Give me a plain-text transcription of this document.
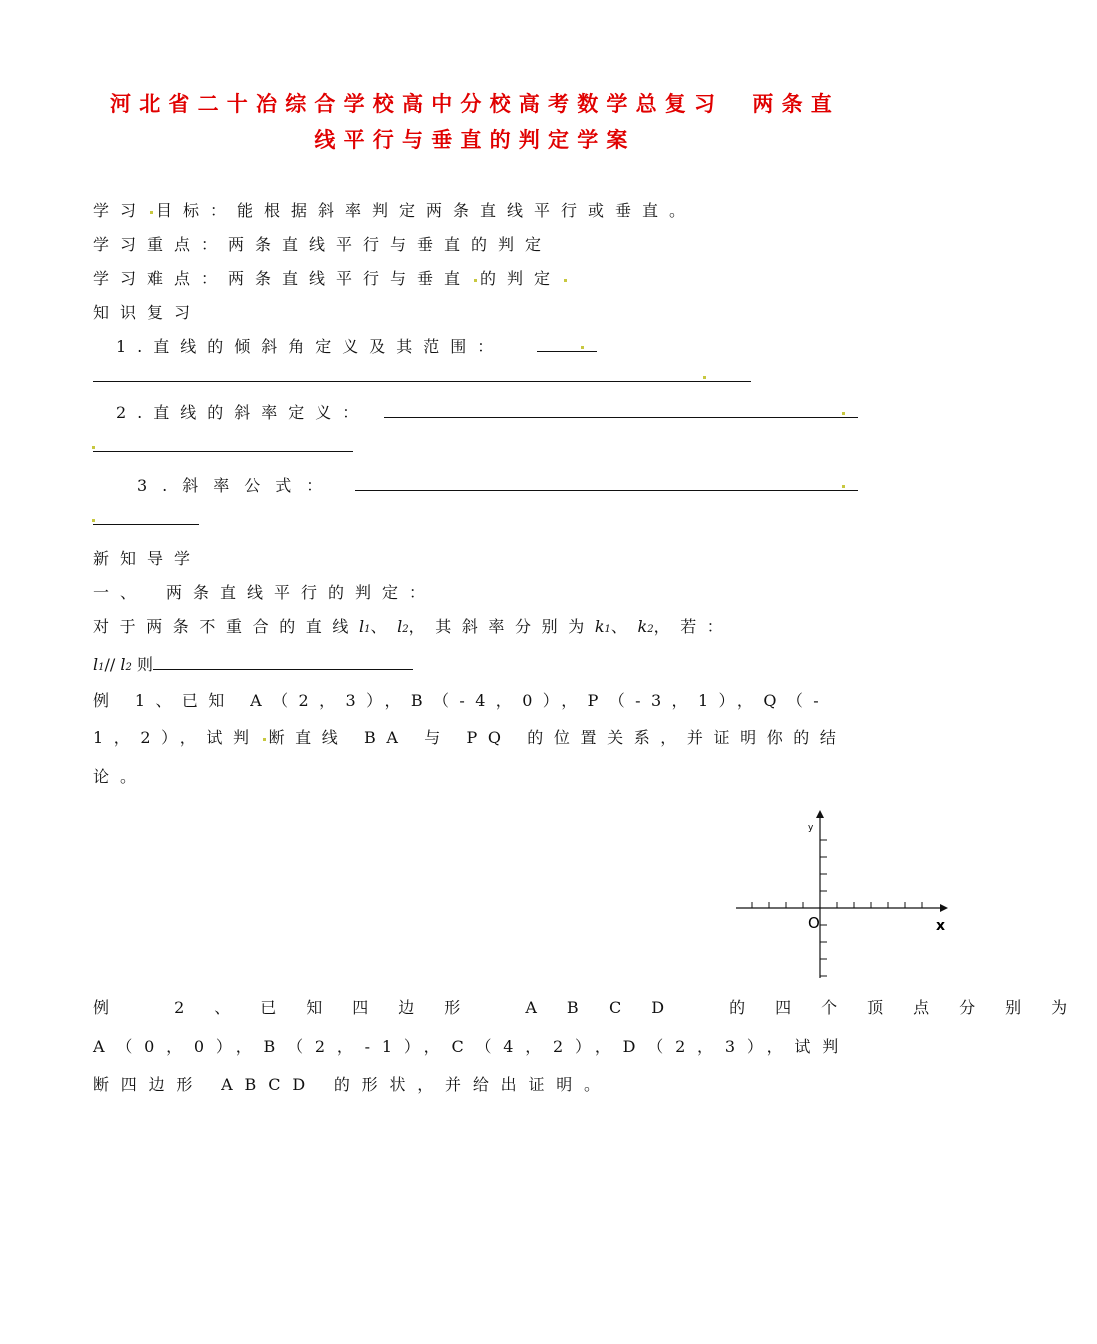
河北省二十冶综合学校高中分校高考数学总复习　两条直
线平行与垂直的判定学案
学习 目标：能根据斜率判定两条直线平行或垂直。
学习重点：两条直线平行与垂直的判定
学习难点：两条直线平行与垂直 的判定
知识复习
1.直线的倾斜角定义及其范围：
2.直线的斜率定义：
3.斜率公式：
新知导学
一、　两条直线平行的判定：
对于两条不重合的直线l1、l2，其斜率分别为k1、k2，若：
l1// l2 则
例 1、已知 A（2，3），B（-4，0），P（-3，1），Q（-
1，2），试判 断直线 BA 与 PQ 的位置关系，并证明你的结
论。
y
x
O
例 2、已知四边形 ABCD 的四个顶点分别为
A（0，0），B（2，-1），C（4，2），D（2，3），试判
断四边形 ABCD 的形状，并给出证明。
